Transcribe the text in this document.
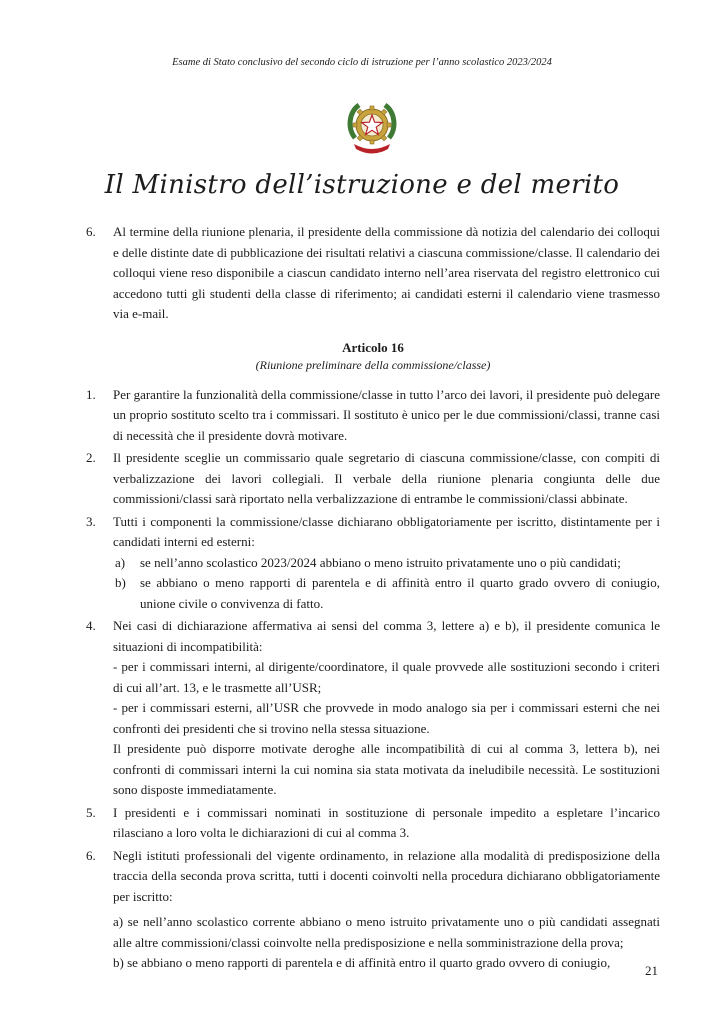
Esame di Stato conclusivo del secondo ciclo di istruzione per l’anno scolastico 2023/2024
Il Ministro dell’istruzione e del merito
6. Al termine della riunione plenaria, il presidente della commissione dà notizia del calendario dei colloqui e delle distinte date di pubblicazione dei risultati relativi a ciascuna commissione/classe. Il calendario dei colloqui viene reso disponibile a ciascun candidato interno nell’area riservata del registro elettronico cui accedono tutti gli studenti della classe di riferimento; ai candidati esterni il calendario viene trasmesso via e-mail.

Articolo 16
(Riunione preliminare della commissione/classe)
1. Per garantire la funzionalità della commissione/classe in tutto l’arco dei lavori, il presidente può delegare un proprio sostituto scelto tra i commissari. Il sostituto è unico per le due commissioni/classi, tranne casi di necessità che il presidente dovrà motivare.

2. Il presidente sceglie un commissario quale segretario di ciascuna commissione/classe, con compiti di verbalizzazione dei lavori collegiali. Il verbale della riunione plenaria congiunta delle due commissioni/classi sarà riportato nella verbalizzazione di entrambe le commissioni/classi abbinate.

3. Tutti i componenti la commissione/classe dichiarano obbligatoriamente per iscritto, distintamente per i candidati interni ed esterni:

a) se nell’anno scolastico 2023/2024 abbiano o meno istruito privatamente uno o più candidati;
b) se abbiano o meno rapporti di parentela e di affinità entro il quarto grado ovvero di coniugio, unione civile o convivenza di fatto.
4. Nei casi di dichiarazione affermativa ai sensi del comma 3, lettere a) e b), il presidente comunica le situazioni di incompatibilità:

- per i commissari interni, al dirigente/coordinatore, il quale provvede alle sostituzioni secondo i criteri di cui all’art. 13, e le trasmette all’USR;

- per i commissari esterni, all’USR che provvede in modo analogo sia per i commissari esterni che nei confronti dei presidenti che si trovino nella stessa situazione.

Il presidente può disporre motivate deroghe alle incompatibilità di cui al comma 3, lettera b), nei confronti di commissari interni la cui nomina sia stata motivata da ineludibile necessità. Le sostituzioni sono disposte immediatamente.

5. I presidenti e i commissari nominati in sostituzione di personale impedito a espletare l’incarico rilasciano a loro volta le dichiarazioni di cui al comma 3.

6. Negli istituti professionali del vigente ordinamento, in relazione alla modalità di predisposizione della traccia della seconda prova scritta, tutti i docenti coinvolti nella procedura dichiarano obbligatoriamente per iscritto:

a) se nell’anno scolastico corrente abbiano o meno istruito privatamente uno o più candidati assegnati alle altre commissioni/classi coinvolte nella predisposizione e nella somministrazione della prova;

b) se abbiano o meno rapporti di parentela e di affinità entro il quarto grado ovvero di coniugio,

21
